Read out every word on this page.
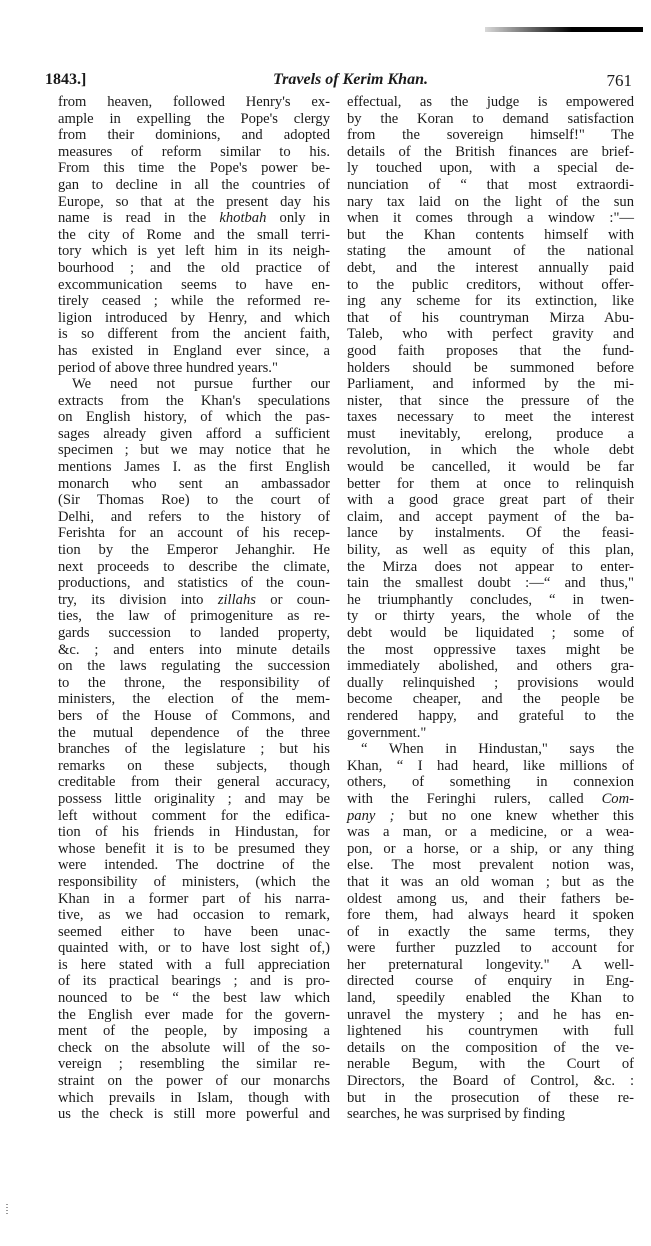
1843.]	Travels of Kerim Khan.	761
from heaven, followed Henry's ex-
ample in expelling the Pope's clergy
from their dominions, and adopted
measures of reform similar to his.
From this time the Pope's power be-
gan to decline in all the countries of
Europe, so that at the present day his
name is read in the khotbah only in
the city of Rome and the small terri-
tory which is yet left him in its neigh-
bourhood ; and the old practice of
excommunication seems to have en-
tirely ceased ; while the reformed re-
ligion introduced by Henry, and which
is so different from the ancient faith,
has existed in England ever since, a
period of above three hundred years."
We need not pursue further our
extracts from the Khan's speculations
on English history, of which the pas-
sages already given afford a sufficient
specimen ; but we may notice that he
mentions James I. as the first English
monarch who sent an ambassador
(Sir Thomas Roe) to the court of
Delhi, and refers to the history of
Ferishta for an account of his recep-
tion by the Emperor Jehanghir. He
next proceeds to describe the climate,
productions, and statistics of the coun-
try, its division into zillahs or coun-
ties, the law of primogeniture as re-
gards succession to landed property,
&c. ; and enters into minute details
on the laws regulating the succession
to the throne, the responsibility of
ministers, the election of the mem-
bers of the House of Commons, and
the mutual dependence of the three
branches of the legislature ; but his
remarks on these subjects, though
creditable from their general accuracy,
possess little originality ; and may be
left without comment for the edifica-
tion of his friends in Hindustan, for
whose benefit it is to be presumed they
were intended. The doctrine of the
responsibility of ministers, (which the
Khan in a former part of his narra-
tive, as we had occasion to remark,
seemed either to have been unac-
quainted with, or to have lost sight of,)
is here stated with a full appreciation
of its practical bearings ; and is pro-
nounced to be “ the best law which
the English ever made for the govern-
ment of the people, by imposing a
check on the absolute will of the so-
vereign ; resembling the similar re-
straint on the power of our monarchs
which prevails in Islam, though with
us the check is still more powerful and
effectual, as the judge is empowered
by the Koran to demand satisfaction
from the sovereign himself!" The
details of the British finances are brief-
ly touched upon, with a special de-
nunciation of “ that most extraordi-
nary tax laid on the light of the sun
when it comes through a window :"—
but the Khan contents himself with
stating the amount of the national
debt, and the interest annually paid
to the public creditors, without offer-
ing any scheme for its extinction, like
that of his countryman Mirza Abu-
Taleb, who with perfect gravity and
good faith proposes that the fund-
holders should be summoned before
Parliament, and informed by the mi-
nister, that since the pressure of the
taxes necessary to meet the interest
must inevitably, erelong, produce a
revolution, in which the whole debt
would be cancelled, it would be far
better for them at once to relinquish
with a good grace great part of their
claim, and accept payment of the ba-
lance by instalments. Of the feasi-
bility, as well as equity of this plan,
the Mirza does not appear to enter-
tain the smallest doubt :—“ and thus,"
he triumphantly concludes, “ in twen-
ty or thirty years, the whole of the
debt would be liquidated ; some of
the most oppressive taxes might be
immediately abolished, and others gra-
dually relinquished ; provisions would
become cheaper, and the people be
rendered happy, and grateful to the
government."
“ When in Hindustan," says the
Khan, “ I had heard, like millions of
others, of something in connexion
with the Feringhi rulers, called Com-
pany ; but no one knew whether this
was a man, or a medicine, or a wea-
pon, or a horse, or a ship, or any thing
else. The most prevalent notion was,
that it was an old woman ; but as the
oldest among us, and their fathers be-
fore them, had always heard it spoken
of in exactly the same terms, they
were further puzzled to account for
her preternatural longevity." A well-
directed course of enquiry in Eng-
land, speedily enabled the Khan to
unravel the mystery ; and he has en-
lightened his countrymen with full
details on the composition of the ve-
nerable Begum, with the Court of
Directors, the Board of Control, &c. :
but in the prosecution of these re-
searches, he was surprised by finding
